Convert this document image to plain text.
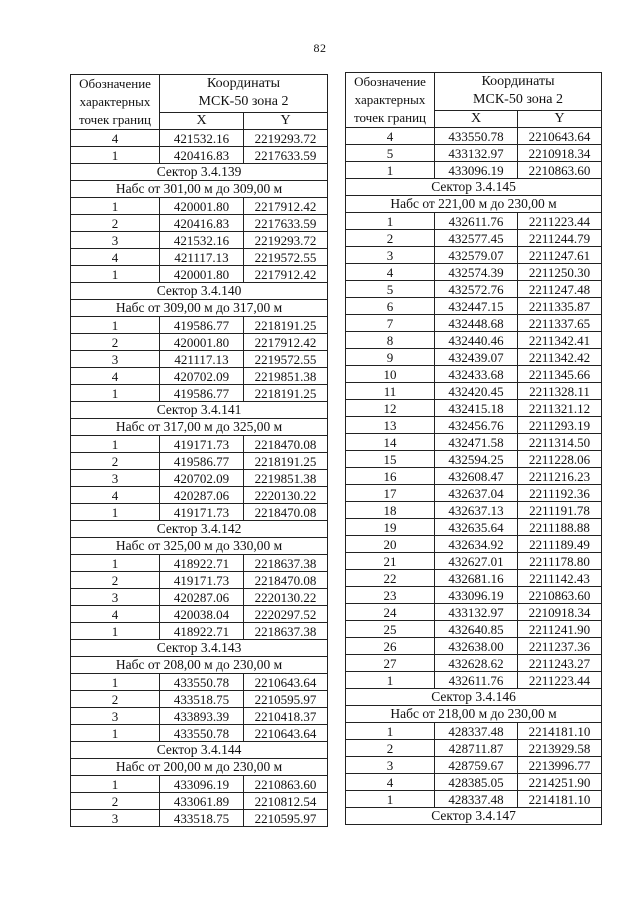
82
Обозначение
характерных
точек границ	Координаты
МСК-50 зона 2	
	X	Y
4	421532.16	2219293.72
1	420416.83	2217633.59
Сектор 3.4.139		
Набс от 301,00 м до 309,00 м		
1	420001.80	2217912.42
2	420416.83	2217633.59
3	421532.16	2219293.72
4	421117.13	2219572.55
1	420001.80	2217912.42
Сектор 3.4.140		
Набс от 309,00 м до 317,00 м		
1	419586.77	2218191.25
2	420001.80	2217912.42
3	421117.13	2219572.55
4	420702.09	2219851.38
1	419586.77	2218191.25
Сектор 3.4.141		
Набс от 317,00 м до 325,00 м		
1	419171.73	2218470.08
2	419586.77	2218191.25
3	420702.09	2219851.38
4	420287.06	2220130.22
1	419171.73	2218470.08
Сектор 3.4.142		
Набс от 325,00 м до 330,00 м		
1	418922.71	2218637.38
2	419171.73	2218470.08
3	420287.06	2220130.22
4	420038.04	2220297.52
1	418922.71	2218637.38
Сектор 3.4.143		
Набс от 208,00 м до 230,00 м		
1	433550.78	2210643.64
2	433518.75	2210595.97
3	433893.39	2210418.37
1	433550.78	2210643.64
Сектор 3.4.144		
Набс от 200,00 м до 230,00 м		
1	433096.19	2210863.60
2	433061.89	2210812.54
3	433518.75	2210595.97
Обозначение
характерных
точек границ	Координаты
МСК-50 зона 2	
	X	Y
4	433550.78	2210643.64
5	433132.97	2210918.34
1	433096.19	2210863.60
Сектор 3.4.145		
Набс от 221,00 м до 230,00 м		
1	432611.76	2211223.44
2	432577.45	2211244.79
3	432579.07	2211247.61
4	432574.39	2211250.30
5	432572.76	2211247.48
6	432447.15	2211335.87
7	432448.68	2211337.65
8	432440.46	2211342.41
9	432439.07	2211342.42
10	432433.68	2211345.66
11	432420.45	2211328.11
12	432415.18	2211321.12
13	432456.76	2211293.19
14	432471.58	2211314.50
15	432594.25	2211228.06
16	432608.47	2211216.23
17	432637.04	2211192.36
18	432637.13	2211191.78
19	432635.64	2211188.88
20	432634.92	2211189.49
21	432627.01	2211178.80
22	432681.16	2211142.43
23	433096.19	2210863.60
24	433132.97	2210918.34
25	432640.85	2211241.90
26	432638.00	2211237.36
27	432628.62	2211243.27
1	432611.76	2211223.44
Сектор 3.4.146		
Набс от 218,00 м до 230,00 м		
1	428337.48	2214181.10
2	428711.87	2213929.58
3	428759.67	2213996.77
4	428385.05	2214251.90
1	428337.48	2214181.10
Сектор 3.4.147		
